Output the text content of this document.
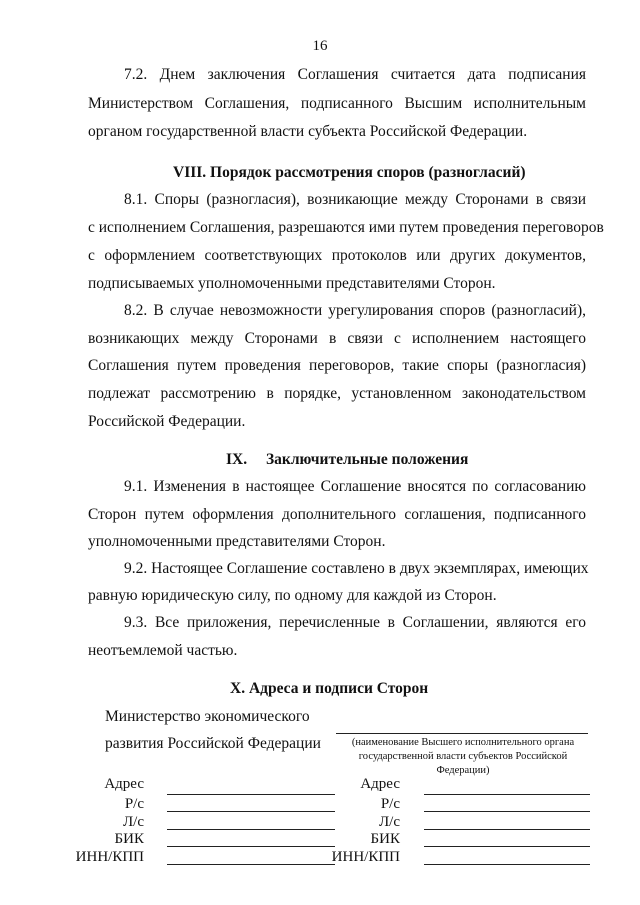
16
7.2. Днем заключения Соглашения считается дата подписания
Министерством Соглашения, подписанного Высшим исполнительным
органом государственной власти субъекта Российской Федерации.
VIII. Порядок рассмотрения споров (разногласий)
8.1. Споры (разногласия), возникающие между Сторонами в связи
с исполнением Соглашения, разрешаются ими путем проведения переговоров
с оформлением соответствующих протоколов или других документов,
подписываемых уполномоченными представителями Сторон.
8.2. В случае невозможности урегулирования споров (разногласий),
возникающих между Сторонами в связи с исполнением настоящего
Соглашения путем проведения переговоров, такие споры (разногласия)
подлежат рассмотрению в порядке, установленном законодательством
Российской Федерации.
IX. Заключительные положения
9.1. Изменения в настоящее Соглашение вносятся по согласованию
Сторон путем оформления дополнительного соглашения, подписанного
уполномоченными представителями Сторон.
9.2. Настоящее Соглашение составлено в двух экземплярах, имеющих
равную юридическую силу, по одному для каждой из Сторон.
9.3. Все приложения, перечисленные в Соглашении, являются его
неотъемлемой частью.
X. Адреса и подписи Сторон
Министерство экономического
развития Российской Федерации	(наименование Высшего исполнительного органа
государственной власти субъектов Российской
Федерации)
Адрес
Р/с
Л/с
БИК
ИНН/КПП
Адрес
Р/с
Л/с
БИК
ИНН/КПП
